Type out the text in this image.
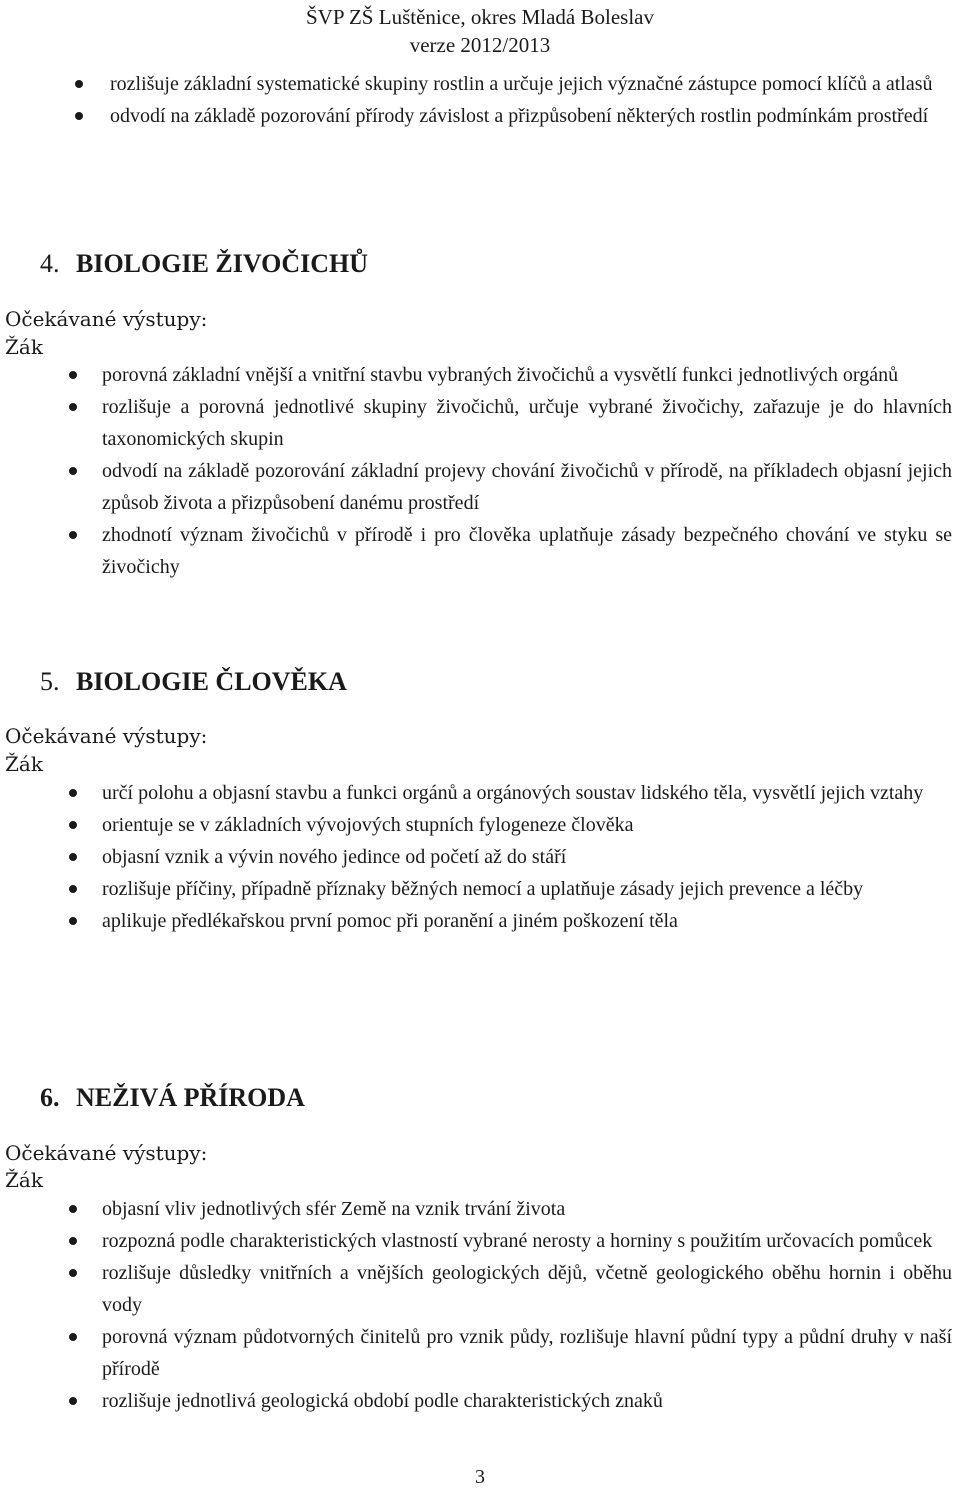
ŠVP ZŠ Luštěnice, okres Mladá Boleslav
verze 2012/2013
rozlišuje základní systematické skupiny rostlin a určuje jejich význačné zástupce pomocí klíčů a atlasů
odvodí na základě pozorování přírody závislost a přizpůsobení některých rostlin podmínkám prostředí
4. BIOLOGIE ŽIVOČICHŮ
Očekávané výstupy:
Žák
porovná základní vnější a vnitřní stavbu vybraných živočichů a vysvětlí funkci jednotlivých orgánů
rozlišuje a porovná jednotlivé skupiny živočichů, určuje vybrané živočichy, zařazuje je do hlavních taxonomických skupin
odvodí na základě pozorování základní projevy chování živočichů v přírodě, na příkladech objasní jejich způsob života a přizpůsobení danému prostředí
zhodnotí význam živočichů v přírodě i pro člověka uplatňuje zásady bezpečného chování ve styku se živočichy
5. BIOLOGIE ČLOVĚKA
Očekávané výstupy:
Žák
určí polohu a objasní stavbu a funkci orgánů a orgánových soustav lidského těla, vysvětlí jejich vztahy
orientuje se v základních vývojových stupních fylogeneze člověka
objasní vznik a vývin nového jedince od početí až do stáří
rozlišuje příčiny, případně příznaky běžných nemocí a uplatňuje zásady jejich prevence a léčby
aplikuje předlékařskou první pomoc při poranění a jiném poškození těla
6. NEŽIVÁ PŘÍRODA
Očekávané výstupy:
Žák
objasní vliv jednotlivých sfér Země na vznik trvání života
rozpozná podle charakteristických vlastností vybrané nerosty a horniny s použitím určovacích pomůcek
rozlišuje důsledky vnitřních a vnějších geologických dějů, včetně geologického oběhu hornin i oběhu vody
porovná význam půdotvorných činitelů pro vznik půdy, rozlišuje hlavní půdní typy a půdní druhy v naší přírodě
rozlišuje jednotlivá geologická období podle charakteristických znaků
3
